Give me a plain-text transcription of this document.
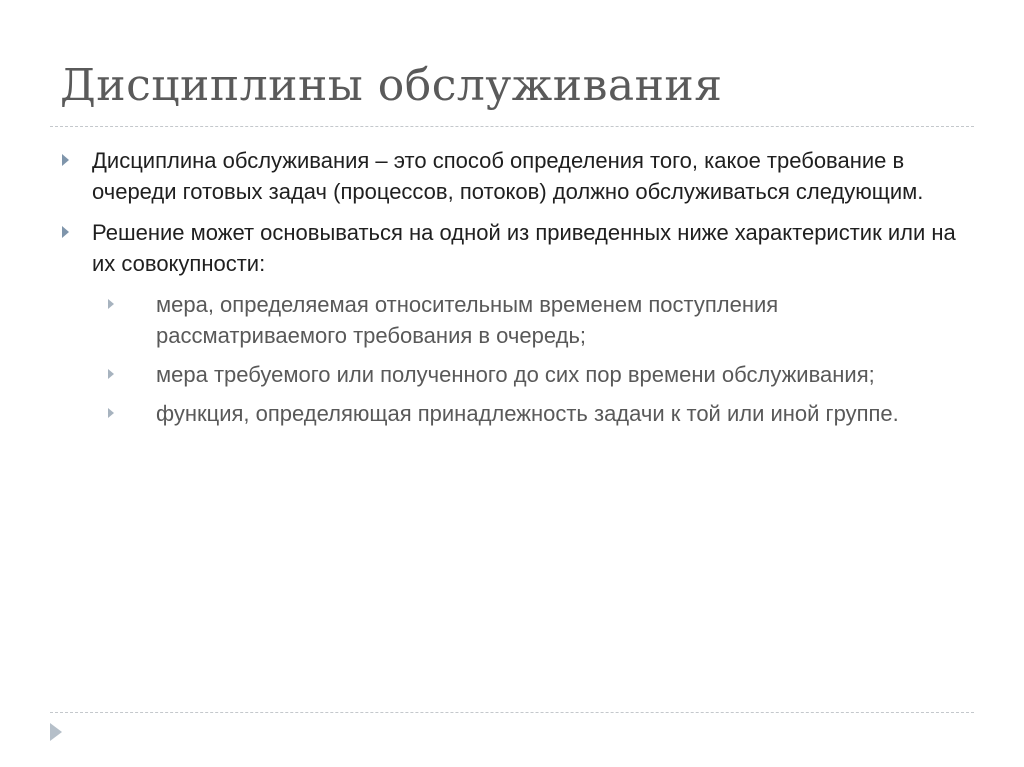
Дисциплины обслуживания
Дисциплина обслуживания – это способ определения того, какое требование в очереди готовых задач (процессов, потоков) должно обслуживаться следующим.
Решение может основываться на одной из приведенных ниже характеристик или на их совокупности:
мера, определяемая относительным временем поступления рассматриваемого требования в очередь;
мера требуемого или полученного до сих пор времени обслуживания;
функция, определяющая принадлежность задачи к той или иной группе.
